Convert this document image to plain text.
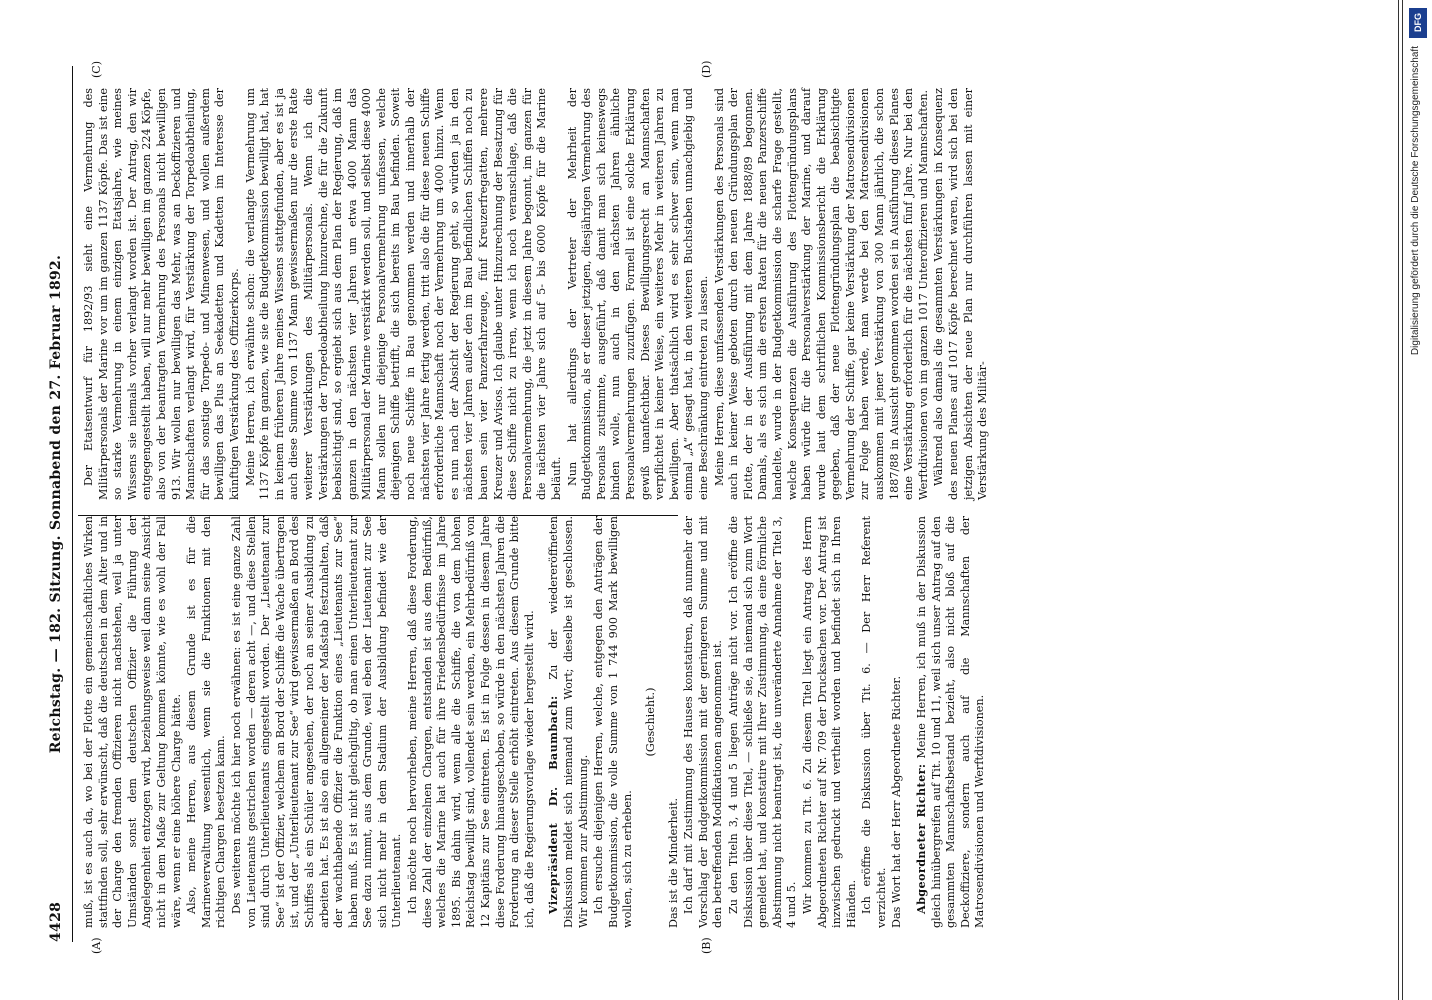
4428
Reichstag. — 182. Sitzung. Sonnabend den 27. Februar 1892.
(A)	(B)
(C)	(D)

muß, ist es auch da, wo bei der Flotte ein gemeinschaftliches Wirken stattfinden soll, sehr erwünscht, daß die deutschen in dem Alter und in der Charge den fremden Offizieren nicht nachstehen, weil ja unter Umständen sonst dem deutschen Offizier die Führung der Angelegenheit entzogen wird, beziehungsweise weil dann seine Ansicht nicht in dem Maße zur Geltung kommen könnte, wie es wohl der Fall wäre, wenn er eine höhere Charge hätte. Also, meine Herren, aus diesem Grunde ist es für die Marineverwaltung wesentlich, wenn sie die Funktionen mit den richtigen Chargen besetzen kann. Des weiteren möchte ich hier noch erwähnen: es ist eine ganze Zahl von Lieutenants gestrichen worden — deren acht —, und diese Stellen sind durch Unterlieutenants eingestellt worden. Der „Lieutenant zur See“ ist der Offizier, welchem an Bord der Schiffe die Wache übertragen ist, und der „Unterlieutenant zur See“ wird gewissermaßen an Bord des Schiffes als ein Schüler angesehen, der noch an seiner Ausbildung zu arbeiten hat. Es ist also ein allgemeiner der Maßstab festzuhalten, daß der wachthabende Offizier die Funktion eines „Lieutenants zur See“ haben muß. Es ist nicht gleichgiltig, ob man einen Unterlieutenant zur See dazu nimmt, aus dem Grunde, weil eben der Lieutenant zur See sich nicht mehr in dem Stadium der Ausbildung befindet wie der Unterlieutenant. Ich möchte noch hervorheben, meine Herren, daß diese Forderung, diese Zahl der einzelnen Chargen, entstanden ist aus dem Bedürfniß, welches die Marine hat auch für ihre Friedensbedürfnisse im Jahre 1895. Bis dahin wird, wenn alle die Schiffe, die von dem hohen Reichstag bewilligt sind, vollendet sein werden, ein Mehrbedürfniß von 12 Kapitäns zur See eintreten. Es ist in Folge dessen in diesem Jahre diese Forderung hinausgeschoben, so würde in den nächsten Jahren die Forderung an dieser Stelle erhöht eintreten. Aus diesem Grunde bitte ich, daß die Regierungsvorlage wieder hergestellt wird. Vizepräsident Dr. Baumbach: Zu der wiedereröffneten Diskussion meldet sich niemand zum Wort; dieselbe ist geschlossen. Wir kommen zur Abstimmung. Ich ersuche diejenigen Herren, welche, entgegen den Anträgen der Budgetkommission, die volle Summe von 1 744 900 Mark bewilligen wollen, sich zu erheben.

(Geschieht.)

Das ist die Minderheit. Ich darf mit Zustimmung des Hauses konstatiren, daß nunmehr der Vorschlag der Budgetkommission mit der geringeren Summe und mit den betreffenden Modifikationen angenommen ist. Zu den Titeln 3, 4 und 5 liegen Anträge nicht vor. Ich eröffne die Diskussion über diese Titel, — schließe sie, da niemand sich zum Wort gemeldet hat, und konstatire mit Ihrer Zustimmung, da eine förmliche Abstimmung nicht beantragt ist, die unveränderte Annahme der Titel 3, 4 und 5. Wir kommen zu Tit. 6. Zu diesem Titel liegt ein Antrag des Herrn Abgeordneten Richter auf Nr. 709 der Drucksachen vor. Der Antrag ist inzwischen gedruckt und vertheilt worden und befindet sich in Ihren Händen. Ich eröffne die Diskussion über Tit. 6. — Der Herr Referent verzichtet. Das Wort hat der Herr Abgeordnete Richter. Abgeordneter Richter: Meine Herren, ich muß in der Diskussion gleich hinübergreifen auf Tit. 10 und 11, weil sich unser Antrag auf den gesammten Mannschaftsbestand bezieht, also nicht bloß auf die Deckoffiziere, sondern auch auf die Mannschaften der Matrosendivisionen und Werftdivisionen.

Der Etatsentwurf für 1892/93 sieht eine Vermehrung des Militärpersonals der Marine vor um im ganzen 1137 Köpfe. Das ist eine so starke Vermehrung in einem einzigen Etatsjahre, wie meines Wissens sie niemals vorher verlangt worden ist. Der Antrag, den wir entgegengestellt haben, will nur mehr bewilligen im ganzen 224 Köpfe, also von der beantragten Vermehrung des Personals nicht bewilligen 913. Wir wollen nur bewilligen das Mehr, was an Deckoffizieren und Mannschaften verlangt wird, für Verstärkung der Torpedoabtheilung, für das sonstige Torpedo- und Minenwesen, und wollen außerdem bewilligen das Plus an Seekadetten und Kadetten im Interesse der künftigen Verstärkung des Offizierkorps. Meine Herren, ich erwähnte schon: die verlangte Vermehrung um 1137 Köpfe im ganzen, wie sie die Budgetkommission bewilligt hat, hat in keinem früheren Jahre meines Wissens stattgefunden, aber es ist ja auch diese Summe von 1137 Mann gewissermaßen nur die erste Rate weiterer Verstärkungen des Militärpersonals. Wenn ich die Verstärkungen der Torpedoabtheilung hinzurechne, die für die Zukunft beabsichtigt sind, so ergiebt sich aus dem Plan der Regierung, daß im ganzen in den nächsten vier Jahren um etwa 4000 Mann das Militärpersonal der Marine verstärkt werden soll, und selbst diese 4000 Mann sollen nur diejenige Personalvermehrung umfassen, welche diejenigen Schiffe betrifft, die sich bereits im Bau befinden. Soweit noch neue Schiffe in Bau genommen werden und innerhalb der nächsten vier Jahre fertig werden, tritt also die für diese neuen Schiffe erforderliche Mannschaft noch der Vermehrung um 4000 hinzu. Wenn es nun nach der Absicht der Regierung geht, so würden ja in den nächsten vier Jahren außer den im Bau befindlichen Schiffen noch zu bauen sein vier Panzerfahrzeuge, fünf Kreuzerfregatten, mehrere Kreuzer und Avisos. Ich glaube unter Hinzurechnung der Besatzung für diese Schiffe nicht zu irren, wenn ich noch veranschlage, daß die Personalvermehrung, die jetzt in diesem Jahre begonnt, im ganzen für die nächsten vier Jahre sich auf 5- bis 6000 Köpfe für die Marine beläuft. Nun hat allerdings der Vertreter der Mehrheit der Budgetkommission, als er dieser jetzigen, diesjährigen Vermehrung des Personals zustimmte, ausgeführt, daß damit man sich keineswegs binden wolle, nun auch in den nächsten Jahren ähnliche Personalvermehrungen zuzufügen. Formell ist eine solche Erklärung gewiß unanfechtbar. Dieses Bewilligungsrecht an Mannschaften verpflichtet in keiner Weise, ein weiteres Mehr in weiteren Jahren zu bewilligen. Aber thatsächlich wird es sehr schwer sein, wenn man einmal „A“ gesagt hat, in den weiteren Buchstaben unnachgiebig und eine Beschränkung eintreten zu lassen. Meine Herren, diese umfassenden Verstärkungen des Personals sind auch in keiner Weise geboten durch den neuen Gründungsplan der Flotte, der in der Ausführung mit dem Jahre 1888/89 begonnen. Damals, als es sich um die ersten Raten für die neuen Panzerschiffe handelte, wurde in der Budgetkommission die scharfe Frage gestellt, welche Konsequenzen die Ausführung des Flottengründungsplans haben würde für die Personalverstärkung der Marine, und darauf wurde laut dem schriftlichen Kommissionsbericht die Erklärung gegeben, daß der neue Flottengründungsplan die beabsichtigte Vermehrung der Schiffe, gar keine Verstärkung der Matrosendivisionen zur Folge haben werde, man werde bei den Matrosendivisionen auskommen mit jener Verstärkung von 300 Mann jährlich, die schon 1887/88 in Aussicht genommen worden sei in Ausführung dieses Planes eine Verstärkung erforderlich für die nächsten fünf Jahre. Nur bei den Werftdivisionen von im ganzen 1017 Unteroffizieren und Mannschaften. Während also damals die gesammten Verstärkungen in Konsequenz des neuen Planes auf 1017 Köpfe berechnet waren, wird sich bei den jetzigen Absichten der neue Plan nur durchführen lassen mit einer Verstärkung des Militär-

DFG
Digitalisierung gefördert durch die Deutsche Forschungsgemeinschaft
